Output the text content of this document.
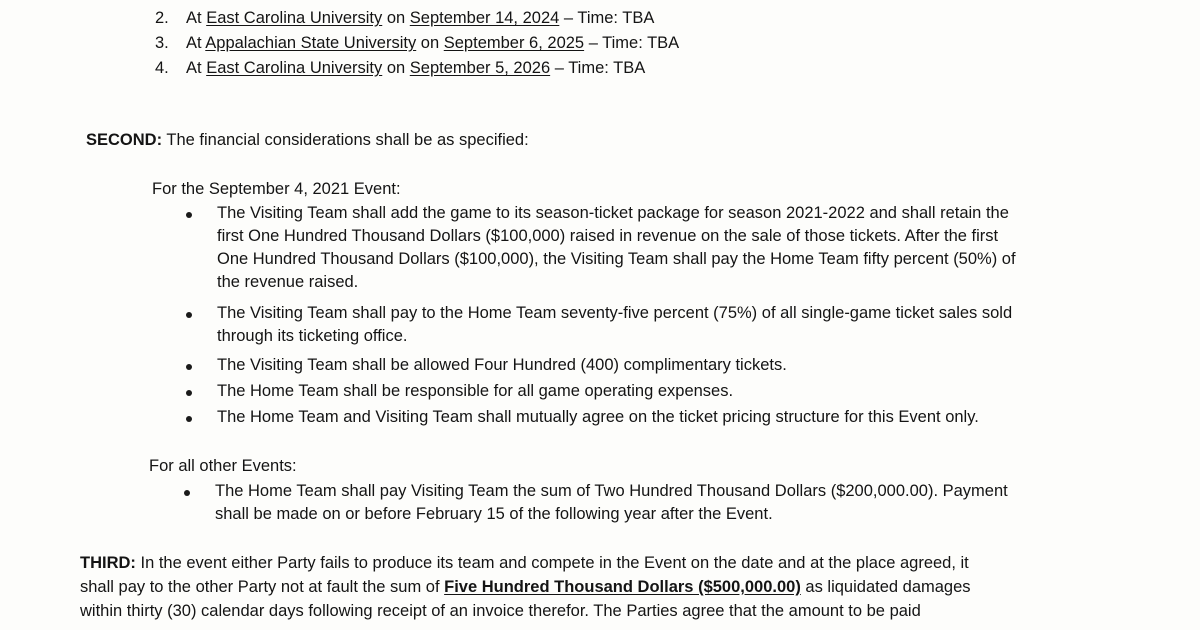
2. At East Carolina University on September 14, 2024 – Time: TBA
3. At Appalachian State University on September 6, 2025 – Time: TBA
4. At East Carolina University on September 5, 2026 – Time: TBA
SECOND: The financial considerations shall be as specified:
For the September 4, 2021 Event:
The Visiting Team shall add the game to its season-ticket package for season 2021-2022 and shall retain the
first One Hundred Thousand Dollars ($100,000) raised in revenue on the sale of those tickets. After the first
One Hundred Thousand Dollars ($100,000), the Visiting Team shall pay the Home Team fifty percent (50%) of
the revenue raised.
The Visiting Team shall pay to the Home Team seventy-five percent (75%) of all single-game ticket sales sold
through its ticketing office.
The Visiting Team shall be allowed Four Hundred (400) complimentary tickets.
The Home Team shall be responsible for all game operating expenses.
The Home Team and Visiting Team shall mutually agree on the ticket pricing structure for this Event only.
For all other Events:
The Home Team shall pay Visiting Team the sum of Two Hundred Thousand Dollars ($200,000.00). Payment
shall be made on or before February 15 of the following year after the Event.
THIRD: In the event either Party fails to produce its team and compete in the Event on the date and at the place agreed, it
shall pay to the other Party not at fault the sum of Five Hundred Thousand Dollars ($500,000.00) as liquidated damages
within thirty (30) calendar days following receipt of an invoice therefor. The Parties agree that the amount to be paid
